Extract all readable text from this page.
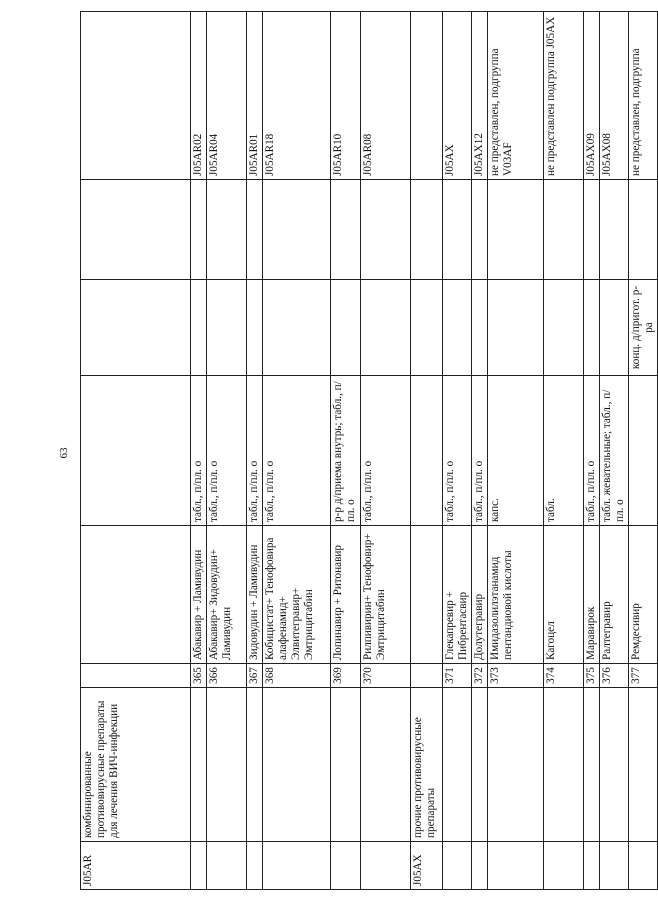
63
J05AR	комбинированные противовирусные препараты для лечения ВИЧ-инфекции						
		365	Абакавир + Ламивудин	табл., п/пл. о			J05AR02
		366	Абакавир+ Зидовудин+ Ламивудин	табл., п/пл. о			J05AR04
		367	Зидовудин + Ламивудин	табл., п/пл. о			J05AR01
		368	Кобицистат+ Тенофовира алафенамид+ Элвитегравир+ Эмтрицитабин	табл., п/пл. о			J05AR18
		369	Лопинавир + Ритонавир	р-р д/приема внутрь; табл., п/пл. о			J05AR10
		370	Рилпивирин+ Тенофовир+ Эмтрицитабин	табл., п/пл. о			J05AR08
J05AX	прочие противовирусные препараты						
		371	Глекапревир + Пибрентасвир	табл., п/пл. о			J05AX
		372	Долутегравир	табл., п/пл. о			J05AX12
		373	Имидазолилэтанамид пентандиовой кислоты	капс.			не представлен, подгруппа V03AF
		374	Кагоцел	табл.			не представлен подгруппа J05AX
		375	Маравирок	табл., п/пл. о			J05AX09
		376	Ралтегравир	табл. жевательные; табл., п/пл. о			J05AX08
		377	Ремдесивир		конц. д/пригот. р-ра		не представлен, подгруппа
